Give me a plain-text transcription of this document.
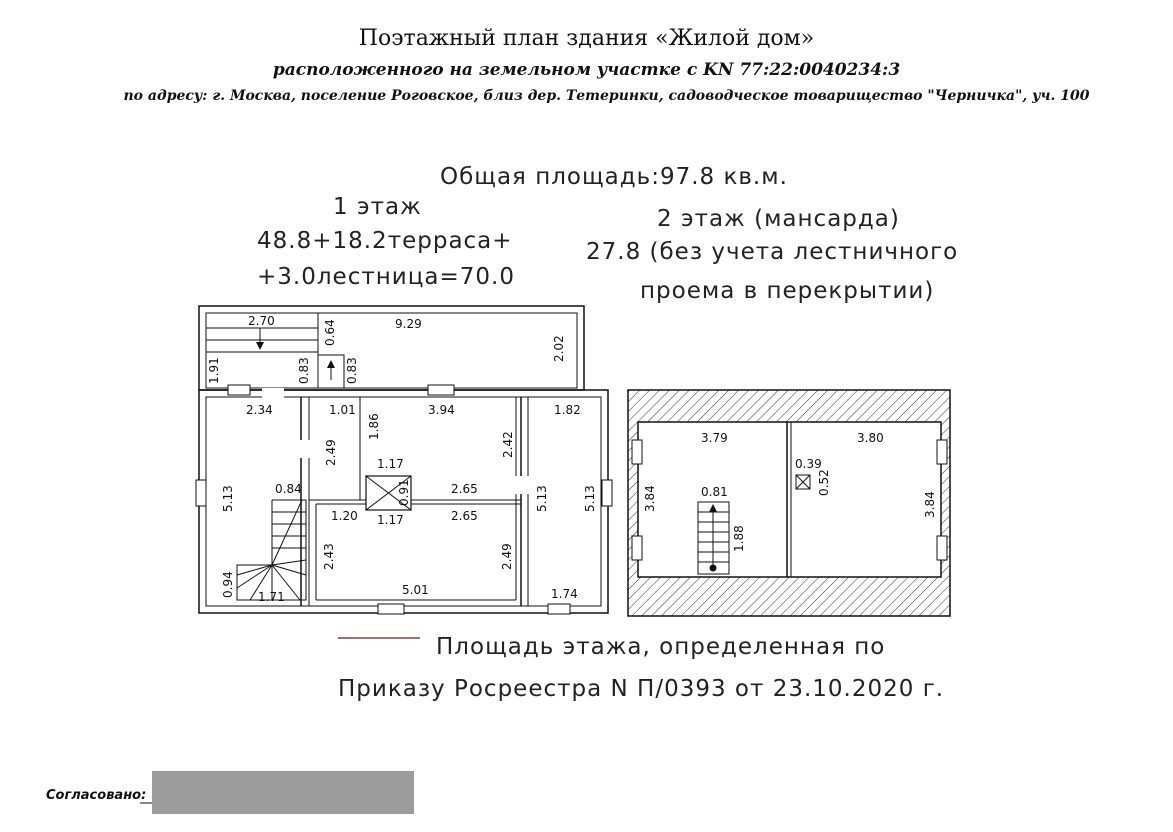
Поэтажный план здания «Жилой дом»
расположенного на земельном участке с KN 77:22:0040234:3
по адресу: г. Москва, поселение Роговское, близ дер. Тетеринки, садоводческое товарищество "Черничка", уч. 100
Общая площадь:97.8 кв.м.
1 этаж
48.8+18.2терраса+
+3.0лестница=70.0
2 этаж (мансарда)
27.8 (без учета лестничного
проема в перекрытии)
2.70	9.29
0.64
1.91	0.83	0.83
2.02
2.34
5.13	0.84
0.94 1.71
1.01
2.49
1.86
1.17
0.91
1.17
3.94
2.42
2.65
2.65
1.20
2.43	2.49
5.01
1.82
5.13
1.74
5.13
3.79	3.80
3.84	3.84
0.81
1.88
0.39
0.52
Площадь этажа, определенная по
Приказу Росреестра N П/0393 от 23.10.2020 г.
Согласовано:
